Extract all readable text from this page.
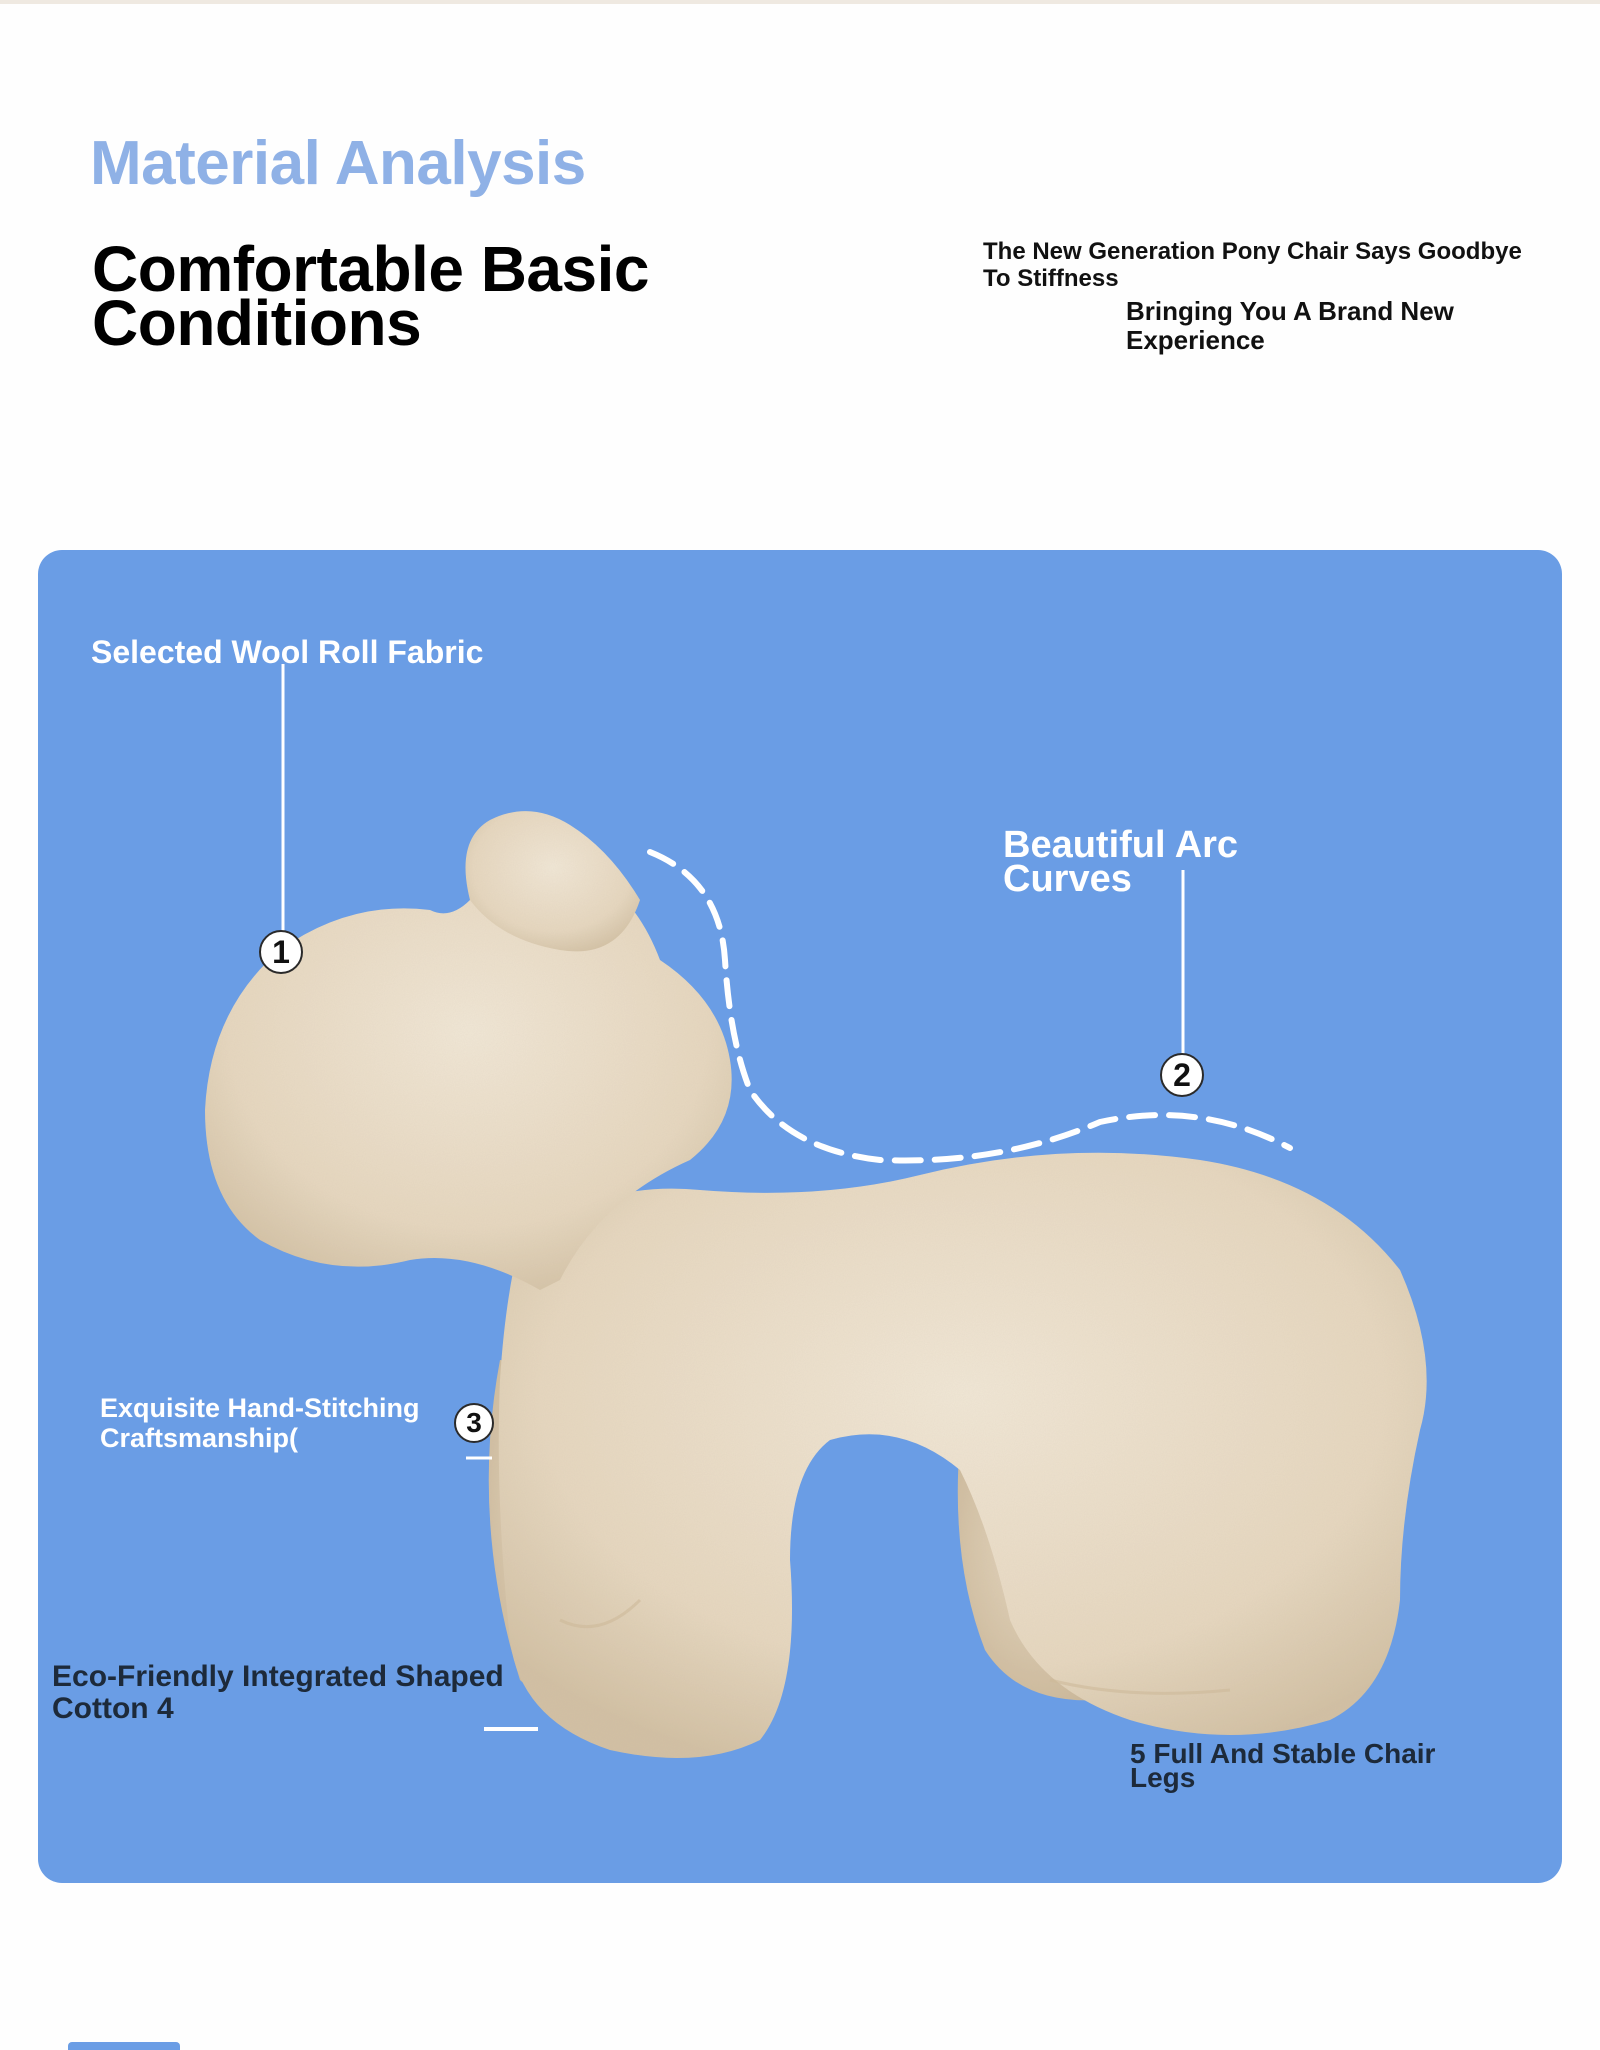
Material Analysis
Comfortable Basic
Conditions
The New Generation Pony Chair Says Goodbye To Stiffness
Bringing You A Brand New Experience
Selected Wool Roll Fabric
Beautiful Arc
Curves
Exquisite Hand-Stitching
Craftsmanship(
Eco-Friendly Integrated Shaped
Cotton 4
5 Full And Stable Chair
Legs
1
2
3
